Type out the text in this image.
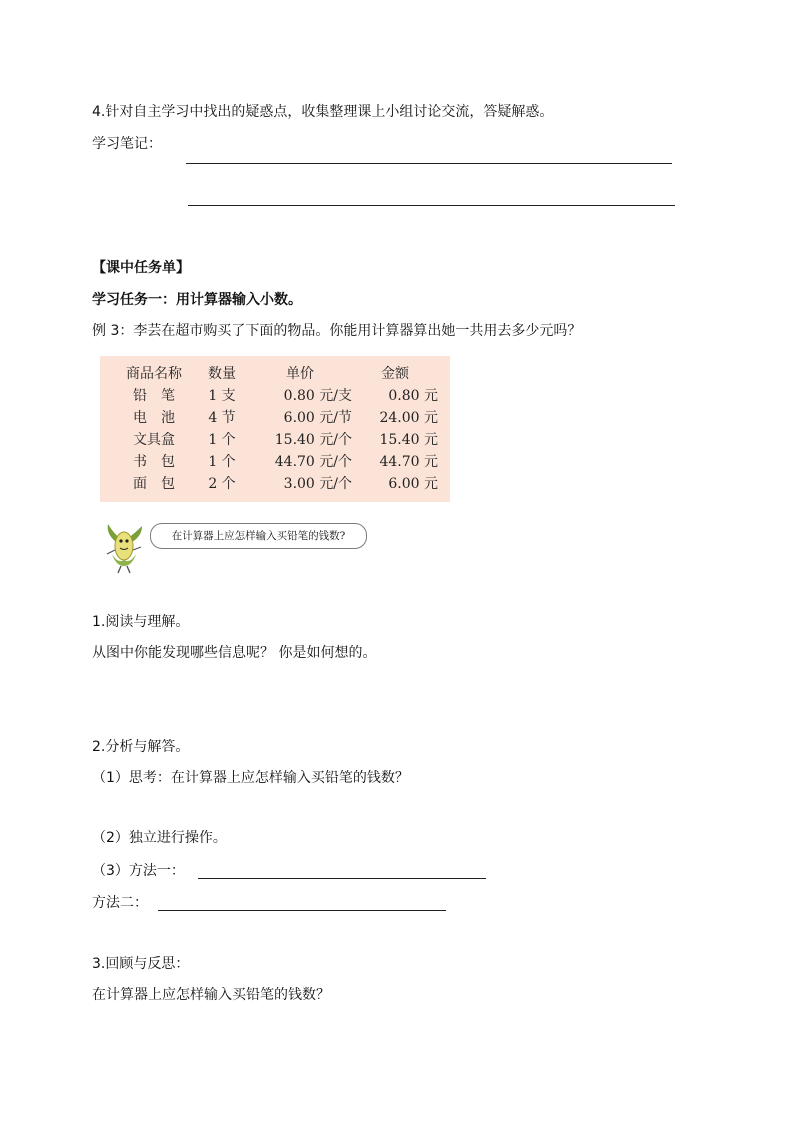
4.针对自主学习中找出的疑惑点，收集整理课上小组讨论交流，答疑解惑。
学习笔记：
【课中任务单】
学习任务一：用计算器输入小数。
例 3：李芸在超市购买了下面的物品。你能用计算器算出她一共用去多少元吗？
商品名称	数量	单价	金额
铅　笔	1 支	0.80 元/支	0.80 元
电　池	4 节	6.00 元/节	24.00 元
文具盒	1 个	15.40 元/个	15.40 元
书　包	1 个	44.70 元/个	44.70 元
面　包	2 个	3.00 元/个	6.00 元
在计算器上应怎样输入买铅笔的钱数?
1.阅读与理解。
从图中你能发现哪些信息呢？ 你是如何想的。
2.分析与解答。
（1）思考：在计算器上应怎样输入买铅笔的钱数？
（2）独立进行操作。
（3）方法一：
方法二：
3.回顾与反思：
在计算器上应怎样输入买铅笔的钱数？
